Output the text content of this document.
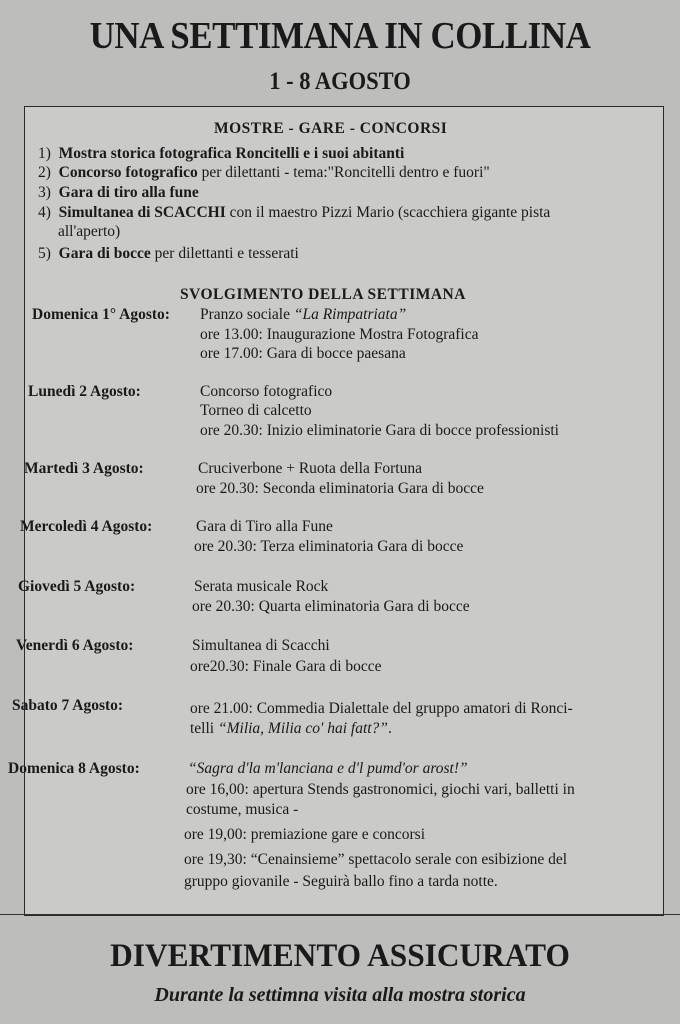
UNA SETTIMANA IN COLLINA
1 - 8 AGOSTO
MOSTRE - GARE - CONCORSI
1) Mostra storica fotografica Roncitelli e i suoi abitanti
2) Concorso fotografico per dilettanti - tema:"Roncitelli dentro e fuori"
3) Gara di tiro alla fune
4) Simultanea di SCACCHI con il maestro Pizzi Mario (scacchiera gigante pista
all'aperto)
5) Gara di bocce per dilettanti e tesserati
SVOLGIMENTO DELLA SETTIMANA
Domenica 1° Agosto: Pranzo sociale “La Rimpatriata”
ore 13.00: Inaugurazione Mostra Fotografica
ore 17.00: Gara di bocce paesana
Lunedì 2 Agosto:	Concorso fotografico
Torneo di calcetto
ore 20.30: Inizio eliminatorie Gara di bocce professionisti
Martedì 3 Agosto:	Cruciverbone + Ruota della Fortuna
ore 20.30: Seconda eliminatoria Gara di bocce
Mercoledì 4 Agosto:	Gara di Tiro alla Fune
ore 20.30: Terza eliminatoria Gara di bocce
Giovedì 5 Agosto:	Serata musicale Rock
ore 20.30: Quarta eliminatoria Gara di bocce
Venerdì 6 Agosto:	Simultanea di Scacchi
ore20.30: Finale Gara di bocce
Sabato 7 Agosto:	ore 21.00: Commedia Dialettale del gruppo amatori di Ronci-
telli “Milia, Milia co' hai fatt?”.
Domenica 8 Agosto:	“Sagra d'la m'lanciana e d'l pumd'or arost!”
ore 16,00: apertura Stends gastronomici, giochi vari, balletti in
costume, musica -
ore 19,00: premiazione gare e concorsi
ore 19,30: “Cenainsieme” spettacolo serale con esibizione del
gruppo giovanile - Seguirà ballo fino a tarda notte.
DIVERTIMENTO ASSICURATO
Durante la settimna visita alla mostra storica
